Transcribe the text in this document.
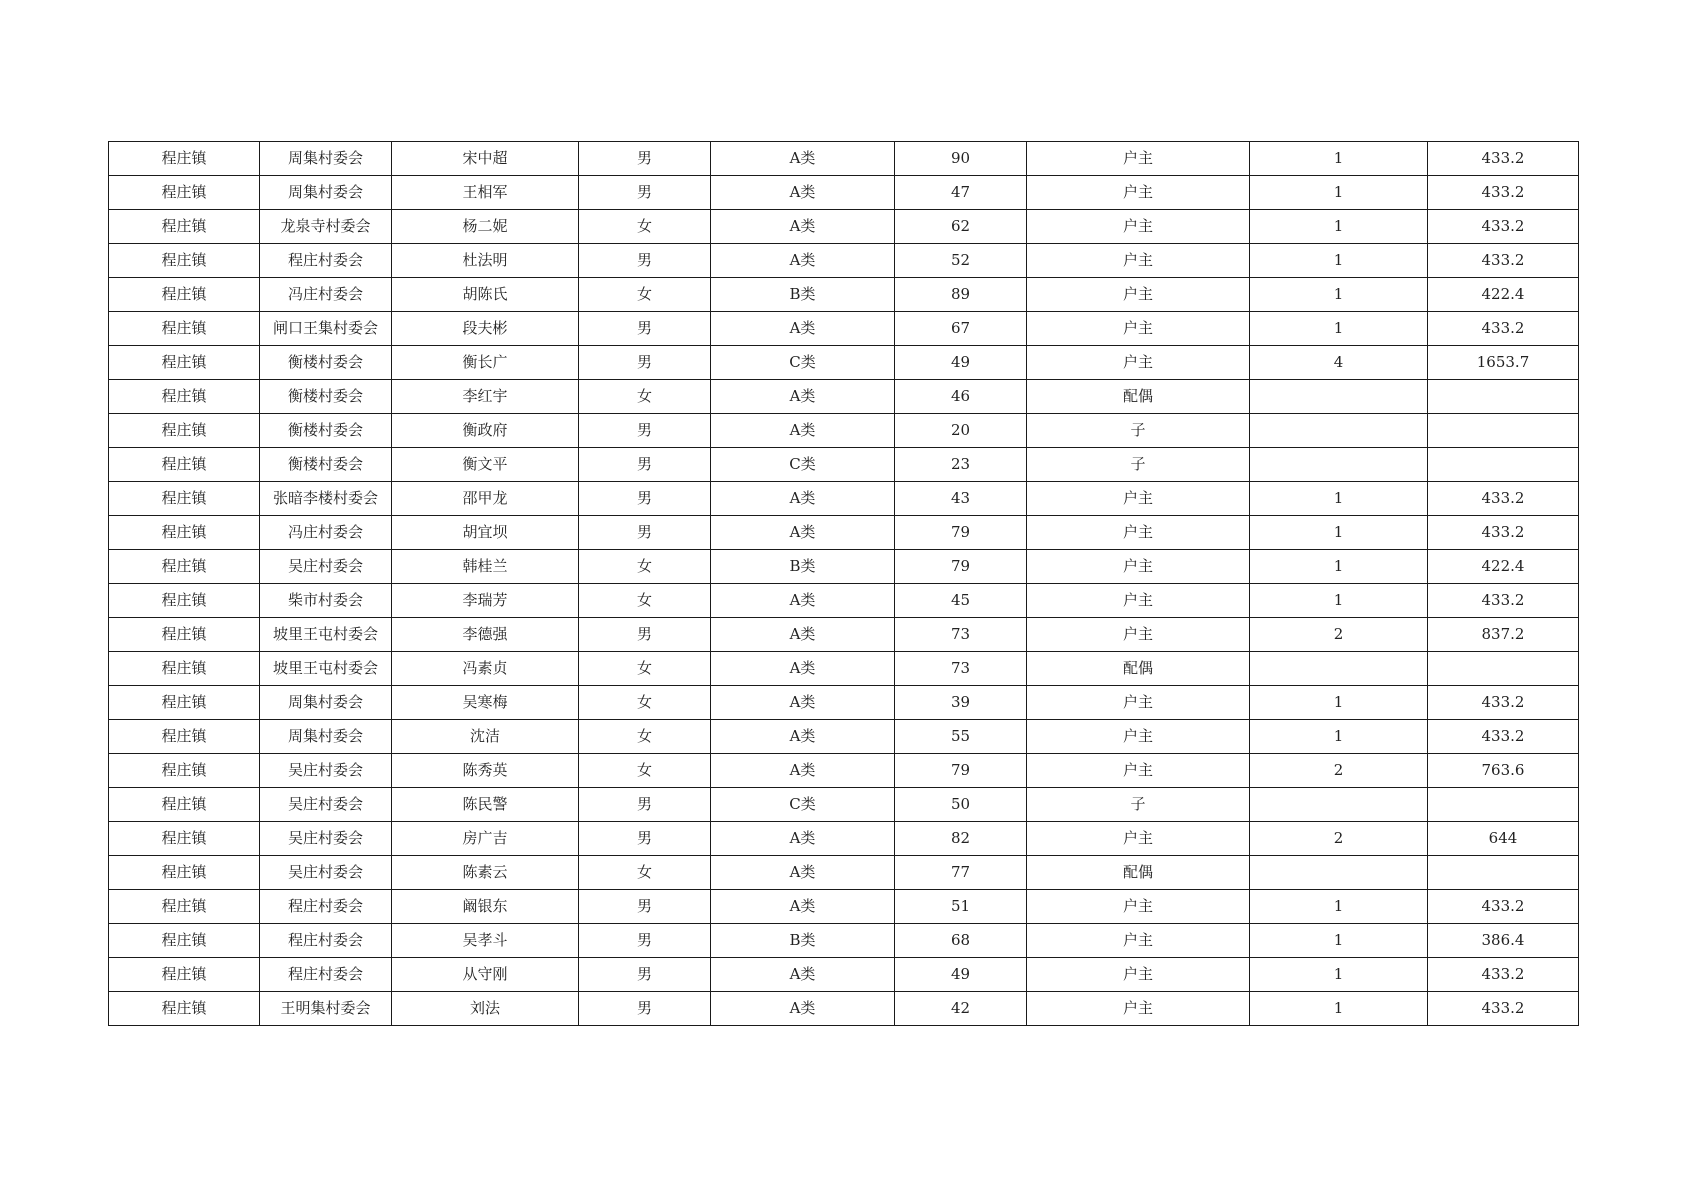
程庄镇	周集村委会	宋中超	男	A类	90	户主	1	433.2
程庄镇	周集村委会	王相军	男	A类	47	户主	1	433.2
程庄镇	龙泉寺村委会	杨二妮	女	A类	62	户主	1	433.2
程庄镇	程庄村委会	杜法明	男	A类	52	户主	1	433.2
程庄镇	冯庄村委会	胡陈氏	女	B类	89	户主	1	422.4
程庄镇	闸口王集村委会	段夫彬	男	A类	67	户主	1	433.2
程庄镇	衡楼村委会	衡长广	男	C类	49	户主	4	1653.7
程庄镇	衡楼村委会	李红宇	女	A类	46	配偶		
程庄镇	衡楼村委会	衡政府	男	A类	20	子		
程庄镇	衡楼村委会	衡文平	男	C类	23	子		
程庄镇	张暗李楼村委会	邵甲龙	男	A类	43	户主	1	433.2
程庄镇	冯庄村委会	胡宜坝	男	A类	79	户主	1	433.2
程庄镇	吴庄村委会	韩桂兰	女	B类	79	户主	1	422.4
程庄镇	柴市村委会	李瑞芳	女	A类	45	户主	1	433.2
程庄镇	坡里王屯村委会	李德强	男	A类	73	户主	2	837.2
程庄镇	坡里王屯村委会	冯素贞	女	A类	73	配偶		
程庄镇	周集村委会	吴寒梅	女	A类	39	户主	1	433.2
程庄镇	周集村委会	沈洁	女	A类	55	户主	1	433.2
程庄镇	吴庄村委会	陈秀英	女	A类	79	户主	2	763.6
程庄镇	吴庄村委会	陈民警	男	C类	50	子		
程庄镇	吴庄村委会	房广吉	男	A类	82	户主	2	644
程庄镇	吴庄村委会	陈素云	女	A类	77	配偶		
程庄镇	程庄村委会	阚银东	男	A类	51	户主	1	433.2
程庄镇	程庄村委会	吴孝斗	男	B类	68	户主	1	386.4
程庄镇	程庄村委会	从守刚	男	A类	49	户主	1	433.2
程庄镇	王明集村委会	刘法	男	A类	42	户主	1	433.2
